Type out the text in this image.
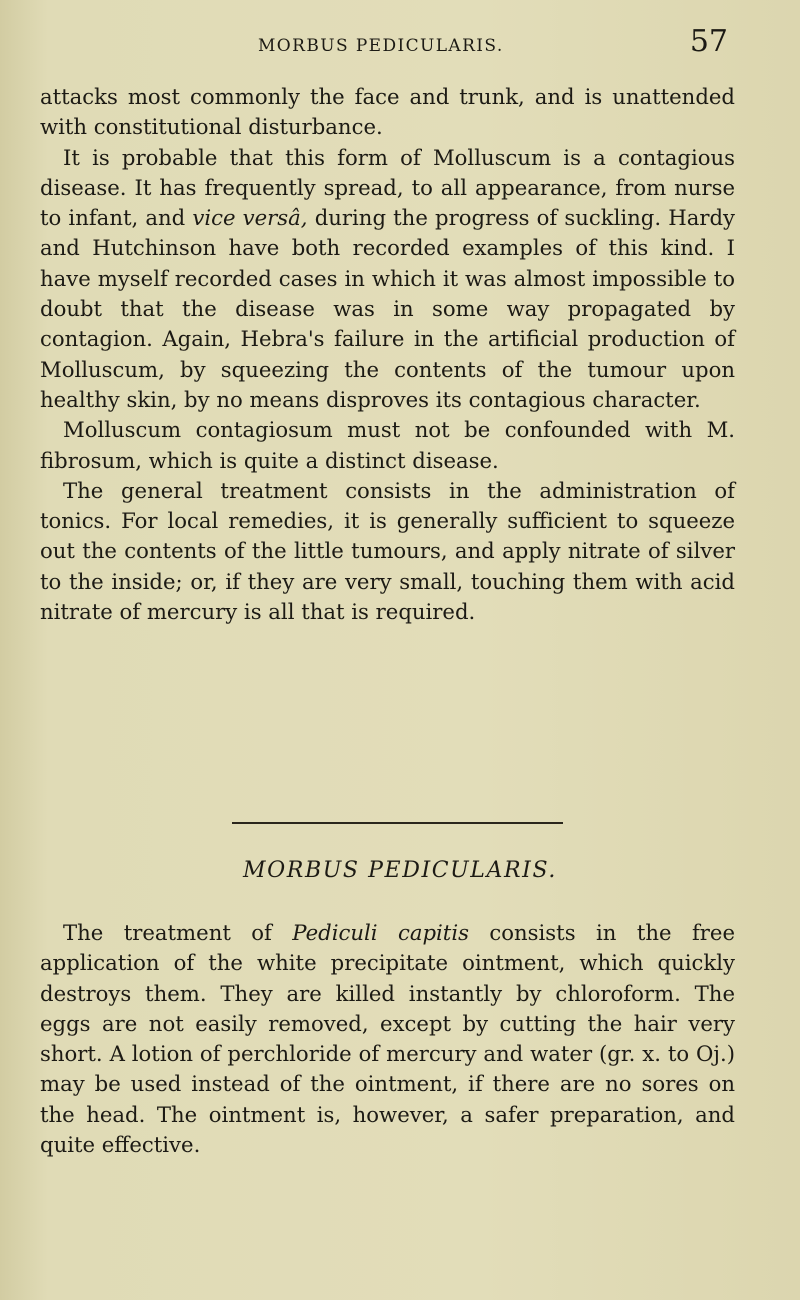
MORBUS PEDICULARIS.	57

attacks most commonly the face and trunk, and is unattended with constitutional disturbance.

It is probable that this form of Molluscum is a contagious disease. It has frequently spread, to all appearance, from nurse to infant, and vice versâ, during the progress of suckling. Hardy and Hutchinson have both recorded examples of this kind. I have myself recorded cases in which it was almost impossible to doubt that the disease was in some way propagated by contagion. Again, Hebra's failure in the artificial production of Molluscum, by squeezing the contents of the tumour upon healthy skin, by no means disproves its contagious character.

Molluscum contagiosum must not be confounded with M. fibrosum, which is quite a distinct disease.

The general treatment consists in the administration of tonics. For local remedies, it is generally sufficient to squeeze out the contents of the little tumours, and apply nitrate of silver to the inside; or, if they are very small, touching them with acid nitrate of mercury is all that is required.

MORBUS PEDICULARIS.

The treatment of Pediculi capitis consists in the free application of the white precipitate ointment, which quickly destroys them. They are killed instantly by chloroform. The eggs are not easily removed, except by cutting the hair very short. A lotion of perchloride of mercury and water (gr. x. to Oj.) may be used instead of the ointment, if there are no sores on the head. The ointment is, however, a safer preparation, and quite effective.
